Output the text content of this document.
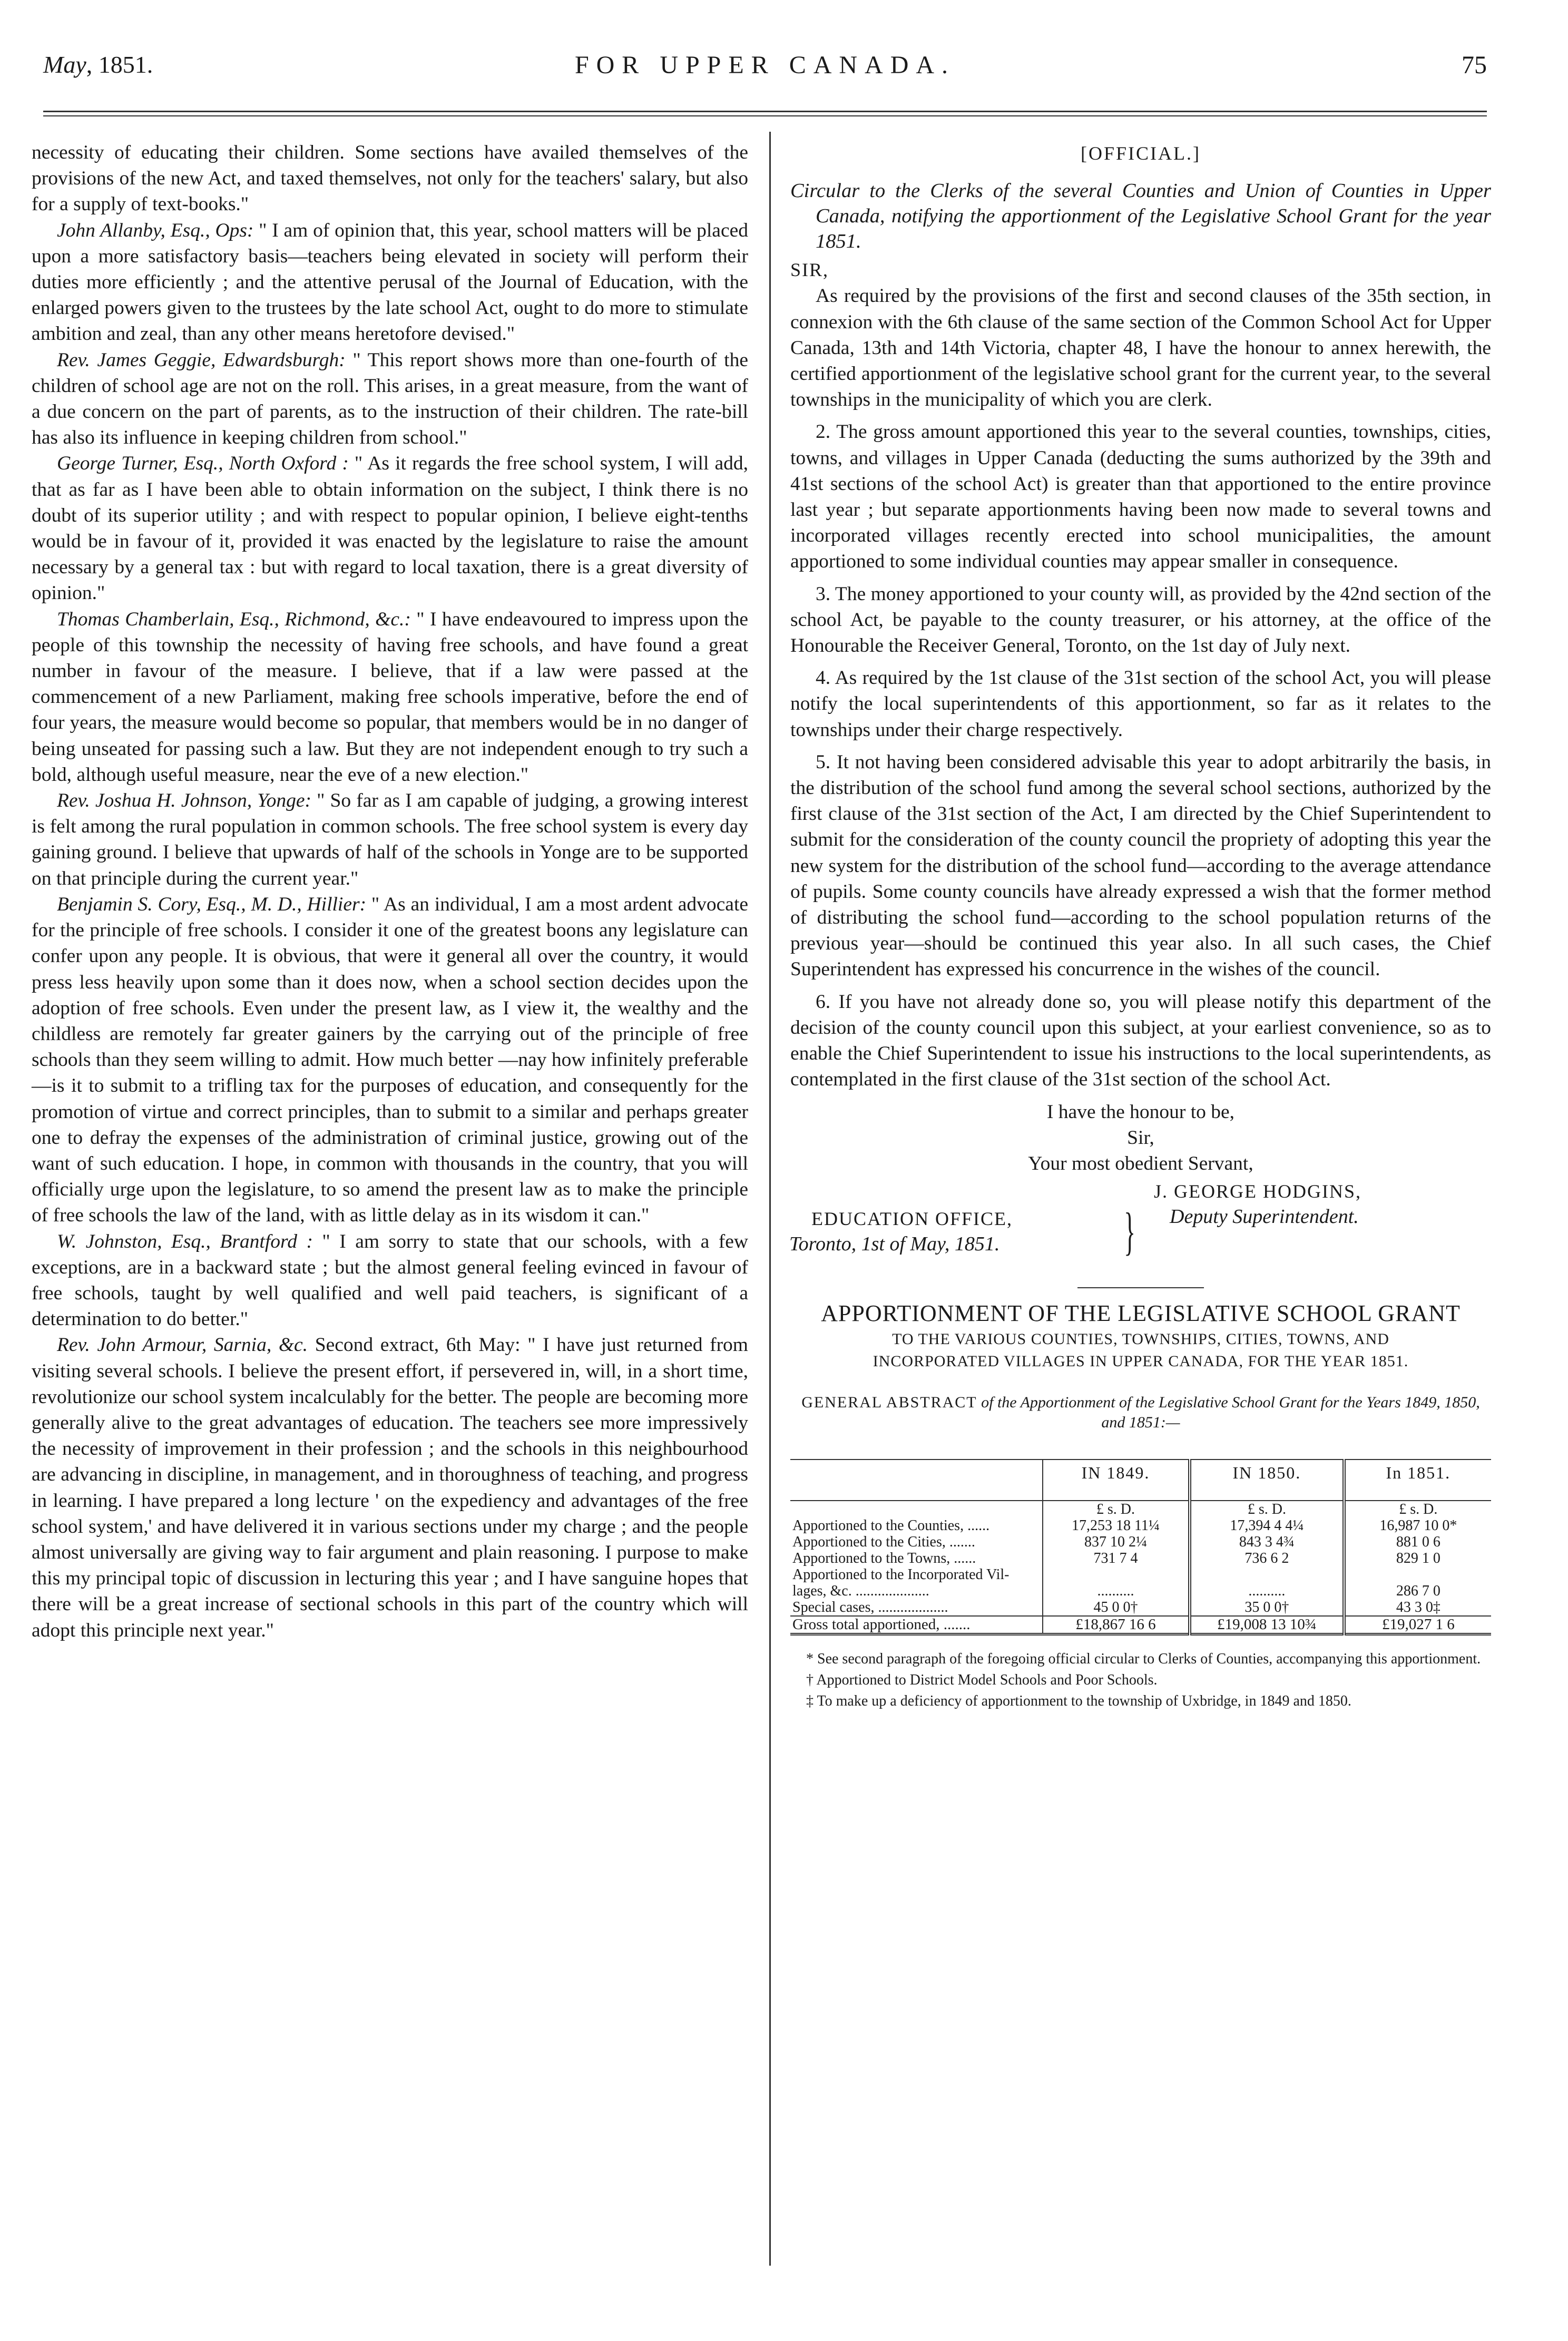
May, 1851.	FOR UPPER CANADA.	75

necessity of educating their children. Some sections have availed themselves of the provisions of the new Act, and taxed themselves, not only for the teachers' salary, but also for a supply of text-books."

John Allanby, Esq., Ops: " I am of opinion that, this year, school matters will be placed upon a more satisfactory basis—teachers being elevated in society will perform their duties more efficiently ; and the attentive perusal of the Journal of Education, with the enlarged powers given to the trustees by the late school Act, ought to do more to stimulate ambition and zeal, than any other means heretofore devised."

Rev. James Geggie, Edwardsburgh: " This report shows more than one-fourth of the children of school age are not on the roll. This arises, in a great measure, from the want of a due concern on the part of parents, as to the instruction of their children. The rate-bill has also its influence in keeping children from school."

George Turner, Esq., North Oxford : " As it regards the free school system, I will add, that as far as I have been able to obtain information on the subject, I think there is no doubt of its superior utility ; and with respect to popular opinion, I believe eight-tenths would be in favour of it, provided it was enacted by the legislature to raise the amount necessary by a general tax : but with regard to local taxation, there is a great diversity of opinion."

Thomas Chamberlain, Esq., Richmond, &c.: " I have endeavoured to impress upon the people of this township the necessity of having free schools, and have found a great number in favour of the measure. I believe, that if a law were passed at the commencement of a new Parliament, making free schools imperative, before the end of four years, the measure would become so popular, that members would be in no danger of being unseated for passing such a law. But they are not independent enough to try such a bold, although useful measure, near the eve of a new election."

Rev. Joshua H. Johnson, Yonge: " So far as I am capable of judging, a growing interest is felt among the rural population in common schools. The free school system is every day gaining ground. I believe that upwards of half of the schools in Yonge are to be supported on that principle during the current year."

Benjamin S. Cory, Esq., M. D., Hillier: " As an individual, I am a most ardent advocate for the principle of free schools. I consider it one of the greatest boons any legislature can confer upon any people. It is obvious, that were it general all over the country, it would press less heavily upon some than it does now, when a school section decides upon the adoption of free schools. Even under the present law, as I view it, the wealthy and the childless are remotely far greater gainers by the carrying out of the principle of free schools than they seem willing to admit. How much better —nay how infinitely preferable—is it to submit to a trifling tax for the purposes of education, and consequently for the promotion of virtue and correct principles, than to submit to a similar and perhaps greater one to defray the expenses of the administration of criminal justice, growing out of the want of such education. I hope, in common with thousands in the country, that you will officially urge upon the legislature, to so amend the present law as to make the principle of free schools the law of the land, with as little delay as in its wisdom it can."

W. Johnston, Esq., Brantford : " I am sorry to state that our schools, with a few exceptions, are in a backward state ; but the almost general feeling evinced in favour of free schools, taught by well qualified and well paid teachers, is significant of a determination to do better."

Rev. John Armour, Sarnia, &c. Second extract, 6th May: " I have just returned from visiting several schools. I believe the present effort, if persevered in, will, in a short time, revolutionize our school system incalculably for the better. The people are becoming more generally alive to the great advantages of education. The teachers see more impressively the necessity of improvement in their profession ; and the schools in this neighbourhood are advancing in discipline, in management, and in thoroughness of teaching, and progress in learning. I have prepared a long lecture ' on the expediency and advantages of the free school system,' and have delivered it in various sections under my charge ; and the people almost universally are giving way to fair argument and plain reasoning. I purpose to make this my principal topic of discussion in lecturing this year ; and I have sanguine hopes that there will be a great increase of sectional schools in this part of the country which will adopt this principle next year."

[OFFICIAL.]
Circular to the Clerks of the several Counties and Union of Counties in Upper Canada, notifying the apportionment of the Legislative School Grant for the year 1851.
SIR,

As required by the provisions of the first and second clauses of the 35th section, in connexion with the 6th clause of the same section of the Common School Act for Upper Canada, 13th and 14th Victoria, chapter 48, I have the honour to annex herewith, the certified apportionment of the legislative school grant for the current year, to the several townships in the municipality of which you are clerk.

2. The gross amount apportioned this year to the several counties, townships, cities, towns, and villages in Upper Canada (deducting the sums authorized by the 39th and 41st sections of the school Act) is greater than that apportioned to the entire province last year ; but separate apportionments having been now made to several towns and incorporated villages recently erected into school municipalities, the amount apportioned to some individual counties may appear smaller in consequence.

3. The money apportioned to your county will, as provided by the 42nd section of the school Act, be payable to the county treasurer, or his attorney, at the office of the Honourable the Receiver General, Toronto, on the 1st day of July next.

4. As required by the 1st clause of the 31st section of the school Act, you will please notify the local superintendents of this apportionment, so far as it relates to the townships under their charge respectively.

5. It not having been considered advisable this year to adopt arbitrarily the basis, in the distribution of the school fund among the several school sections, authorized by the first clause of the 31st section of the Act, I am directed by the Chief Superintendent to submit for the consideration of the county council the propriety of adopting this year the new system for the distribution of the school fund—according to the average attendance of pupils. Some county councils have already expressed a wish that the former method of distributing the school fund—according to the school population returns of the previous year—should be continued this year also. In all such cases, the Chief Superintendent has expressed his concurrence in the wishes of the council.

6. If you have not already done so, you will please notify this department of the decision of the county council upon this subject, at your earliest convenience, so as to enable the Chief Superintendent to issue his instructions to the local superintendents, as contemplated in the first clause of the 31st section of the school Act.

I have the honour to be,

Sir,

Your most obedient Servant,

J. GEORGE HODGINS,
EDUCATION OFFICE, } Deputy Superintendent.
Toronto, 1st of May, 1851.

APPORTIONMENT OF THE LEGISLATIVE SCHOOL GRANT

TO THE VARIOUS COUNTIES, TOWNSHIPS, CITIES, TOWNS, AND

INCORPORATED VILLAGES IN UPPER CANADA, FOR THE YEAR 1851.

GENERAL ABSTRACT of the Apportionment of the Legislative School Grant for the Years 1849, 1850, and 1851:—

	IN 1849.	IN 1850.	In 1851.
	£ s. D.	£ s. D.	£ s. D.
Apportioned to the Counties, ......	17,253 18 11¼	17,394 4 4¼	16,987 10 0*
Apportioned to the Cities, .......	837 10 2¼	843 3 4¾	881 0 6
Apportioned to the Towns, ......	731 7 4	736 6 2	829 1 0
Apportioned to the Incorporated Vil-			
lages, &c. ....................	..........	..........	286 7 0
Special cases, ...................	45 0 0†	35 0 0†	43 3 0‡
Gross total apportioned, .......	£18,867 16 6	£19,008 13 10¾	£19,027 1 6

* See second paragraph of the foregoing official circular to Clerks of Counties, accompanying this apportionment.

† Apportioned to District Model Schools and Poor Schools.

‡ To make up a deficiency of apportionment to the township of Uxbridge, in 1849 and 1850.
